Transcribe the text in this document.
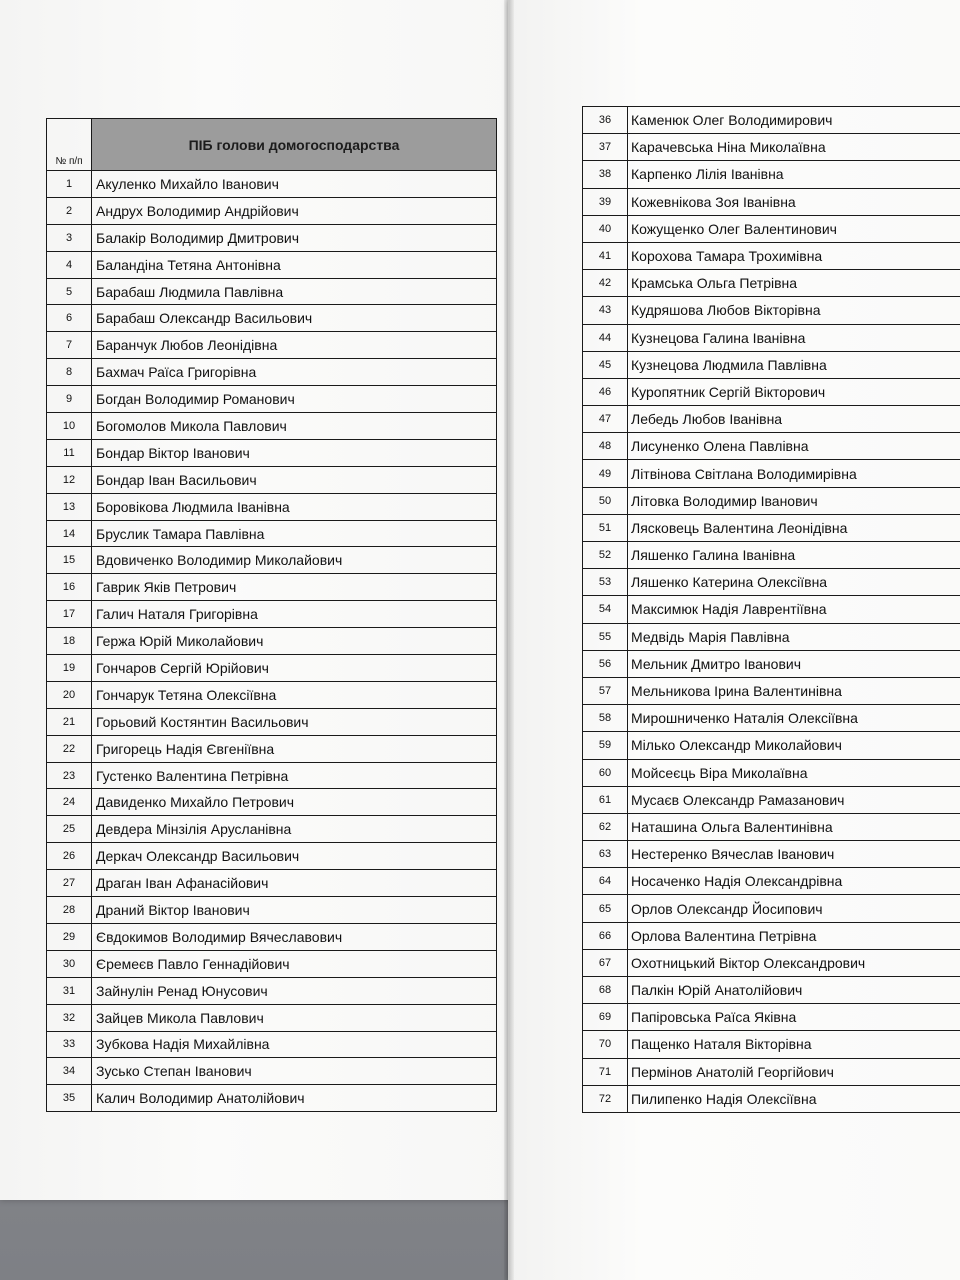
№ п/п	ПІБ голови домогосподарства
1	Акуленко Михайло Іванович
2	Андрух Володимир Андрійович
3	Балакір Володимир Дмитрович
4	Баландіна Тетяна Антонівна
5	Барабаш Людмила Павлівна
6	Барабаш Олександр Васильович
7	Баранчук Любов Леонідівна
8	Бахмач Раїса Григорівна
9	Богдан Володимир Романович
10	Богомолов Микола Павлович
11	Бондар Віктор Іванович
12	Бондар Іван Васильович
13	Боровікова Людмила Іванівна
14	Бруслик Тамара Павлівна
15	Вдовиченко Володимир Миколайович
16	Гаврик Яків Петрович
17	Галич Наталя Григорівна
18	Гержа Юрій Миколайович
19	Гончаров Сергій Юрійович
20	Гончарук Тетяна Олексіївна
21	Горьовий Костянтин Васильович
22	Григорець Надія Євгеніївна
23	Густенко Валентина Петрівна
24	Давиденко Михайло Петрович
25	Девдера Мінзілія Арусланівна
26	Деркач Олександр Васильович
27	Драган Іван Афанасійович
28	Драний Віктор Іванович
29	Євдокимов Володимир Вячеславович
30	Єремеєв Павло Геннадійович
31	Зайнулін Ренад Юнусович
32	Зайцев Микола Павлович
33	Зубкова Надія Михайлівна
34	Зусько Степан Іванович
35	Калич Володимир Анатолійович
36	Каменюк Олег Володимирович
37	Карачевська Ніна Миколаївна
38	Карпенко Лілія Іванівна
39	Кожевнікова Зоя Іванівна
40	Кожущенко Олег Валентинович
41	Корохова Тамара Трохимівна
42	Крамська Ольга Петрівна
43	Кудряшова Любов Вікторівна
44	Кузнецова Галина Іванівна
45	Кузнецова Людмила Павлівна
46	Куропятник Сергій Вікторович
47	Лебедь Любов Іванівна
48	Лисуненко Олена Павлівна
49	Літвінова Світлана Володимирівна
50	Літовка Володимир Іванович
51	Лясковець Валентина Леонідівна
52	Ляшенко Галина Іванівна
53	Ляшенко Катерина Олексіївна
54	Максимюк Надія Лаврентіївна
55	Медвідь Марія Павлівна
56	Мельник Дмитро Іванович
57	Мельникова Ірина Валентинівна
58	Мирошниченко Наталія Олексіївна
59	Мілько Олександр Миколайович
60	Мойсеєць Віра Миколаївна
61	Мусаєв Олександр Рамазанович
62	Наташина Ольга Валентинівна
63	Нестеренко Вячеслав Іванович
64	Носаченко Надія Олександрівна
65	Орлов Олександр Йосипович
66	Орлова Валентина Петрівна
67	Охотницький Віктор Олександрович
68	Палкін Юрій Анатолійович
69	Папіровська Раїса Яківна
70	Пащенко Наталя Вікторівна
71	Пермінов Анатолій Георгійович
72	Пилипенко Надія Олексіївна
